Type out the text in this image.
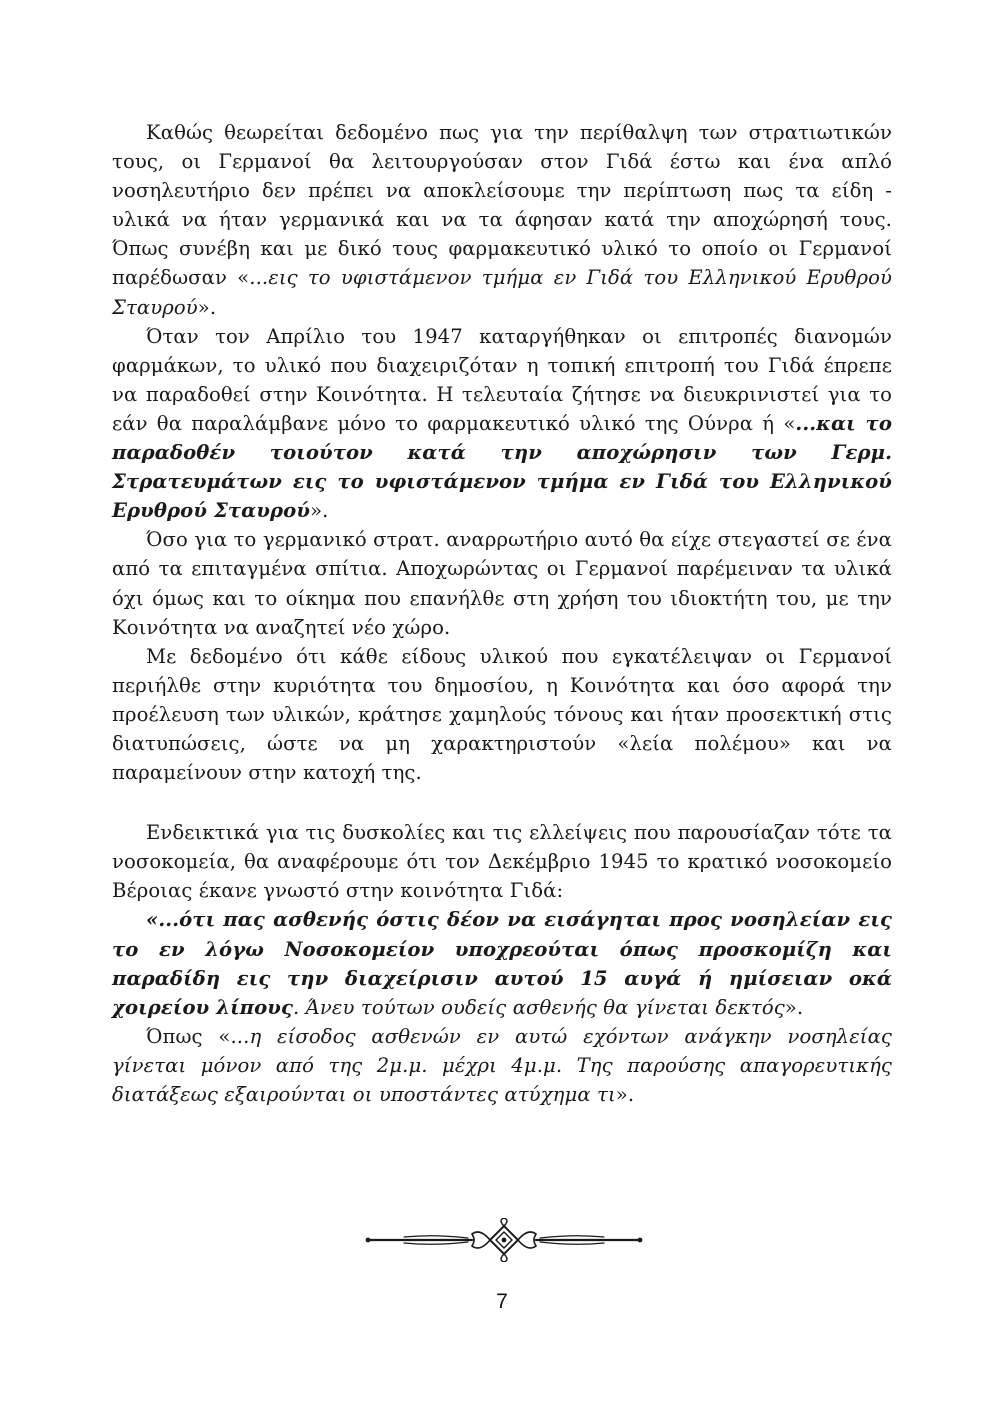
Καθώς θεωρείται δεδομένο πως για την περίθαλψη των στρατιωτικών τους, οι Γερμανοί θα λειτουργούσαν στον Γιδά έστω και ένα απλό νοσηλευτήριο δεν πρέπει να αποκλείσουμε την περίπτωση πως τα είδη - υλικά να ήταν γερμανικά και να τα άφησαν κατά την αποχώρησή τους. Όπως συνέβη και με δικό τους φαρμακευτικό υλικό το οποίο οι Γερμανοί παρέδωσαν «...εις το υφιστάμενον τμήμα εν Γιδά του Ελληνικού Ερυθρού Σταυρού».

Όταν τον Απρίλιο του 1947 καταργήθηκαν οι επιτροπές διανομών φαρμάκων, το υλικό που διαχειριζόταν η τοπική επιτροπή του Γιδά έπρεπε να παραδοθεί στην Κοινότητα. Η τελευταία ζήτησε να διευκρινιστεί για το εάν θα παραλάμβανε μόνο το φαρμακευτικό υλικό της Ούνρα ή «...και το παραδοθέν τοιούτον κατά την αποχώρησιν των Γερμ. Στρατευμάτων εις το υφιστάμενον τμήμα εν Γιδά του Ελληνικού Ερυθρού Σταυρού».

Όσο για το γερμανικό στρατ. αναρρωτήριο αυτό θα είχε στεγαστεί σε ένα από τα επιταγμένα σπίτια. Αποχωρώντας οι Γερμανοί παρέμειναν τα υλικά όχι όμως και το οίκημα που επανήλθε στη χρήση του ιδιοκτήτη του, με την Κοινότητα να αναζητεί νέο χώρο.

Με δεδομένο ότι κάθε είδους υλικού που εγκατέλειψαν οι Γερμανοί περιήλθε στην κυριότητα του δημοσίου, η Κοινότητα και όσο αφορά την προέλευση των υλικών, κράτησε χαμηλούς τόνους και ήταν προσεκτική στις διατυπώσεις, ώστε να μη χαρακτηριστούν «λεία πολέμου» και να παραμείνουν στην κατοχή της.

Ενδεικτικά για τις δυσκολίες και τις ελλείψεις που παρουσίαζαν τότε τα νοσοκομεία, θα αναφέρουμε ότι τον Δεκέμβριο 1945 το κρατικό νοσοκομείο Βέροιας έκανε γνωστό στην κοινότητα Γιδά:

«...ότι πας ασθενής όστις δέον να εισάγηται προς νοσηλείαν εις το εν λόγω Νοσοκομείον υποχρεούται όπως προσκομίζη και παραδίδη εις την διαχείρισιν αυτού 15 αυγά ή ημίσειαν οκά χοιρείου λίπους. Άνευ τούτων ουδείς ασθενής θα γίνεται δεκτός».

Όπως «...η είσοδος ασθενών εν αυτώ εχόντων ανάγκην νοσηλείας γίνεται μόνον από της 2μ.μ. μέχρι 4μ.μ. Της παρούσης απαγορευτικής διατάξεως εξαιρούνται οι υποστάντες ατύχημα τι».

7
